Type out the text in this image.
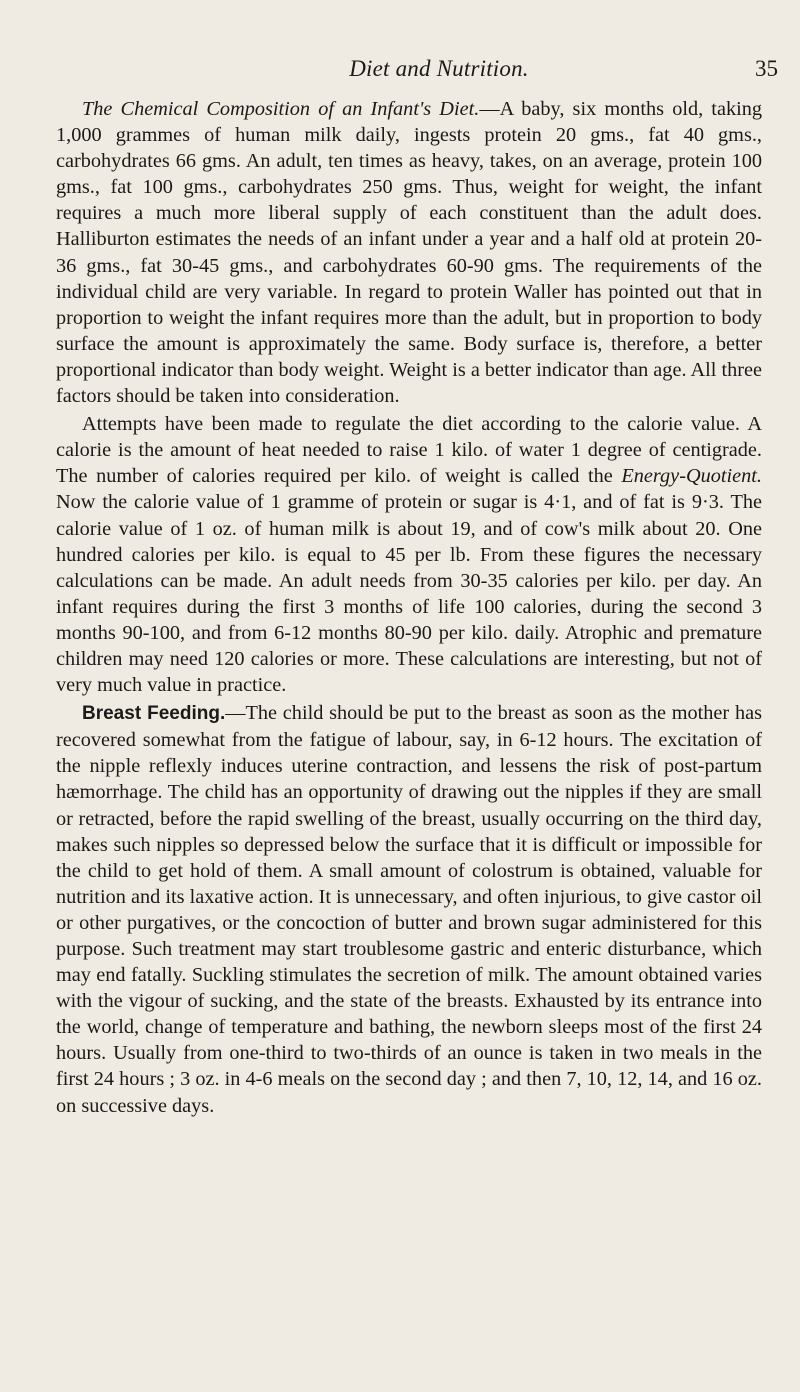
Diet and Nutrition.	35

The Chemical Composition of an Infant's Diet.—A baby, six months old, taking 1,000 grammes of human milk daily, ingests protein 20 gms., fat 40 gms., carbohydrates 66 gms. An adult, ten times as heavy, takes, on an average, protein 100 gms., fat 100 gms., carbohydrates 250 gms. Thus, weight for weight, the infant requires a much more liberal supply of each constituent than the adult does. Halliburton estimates the needs of an infant under a year and a half old at protein 20-36 gms., fat 30-45 gms., and carbohydrates 60-90 gms. The requirements of the individual child are very variable. In regard to protein Waller has pointed out that in proportion to weight the infant requires more than the adult, but in proportion to body surface the amount is approximately the same. Body surface is, therefore, a better proportional indicator than body weight. Weight is a better indicator than age. All three factors should be taken into consideration.

Attempts have been made to regulate the diet according to the calorie value. A calorie is the amount of heat needed to raise 1 kilo. of water 1 degree of centigrade. The number of calories required per kilo. of weight is called the Energy-Quotient. Now the calorie value of 1 gramme of protein or sugar is 4·1, and of fat is 9·3. The calorie value of 1 oz. of human milk is about 19, and of cow's milk about 20. One hundred calories per kilo. is equal to 45 per lb. From these figures the necessary calculations can be made. An adult needs from 30-35 calories per kilo. per day. An infant requires during the first 3 months of life 100 calories, during the second 3 months 90-100, and from 6-12 months 80-90 per kilo. daily. Atrophic and premature children may need 120 calories or more. These calculations are interesting, but not of very much value in practice.

Breast Feeding.—The child should be put to the breast as soon as the mother has recovered somewhat from the fatigue of labour, say, in 6-12 hours. The excitation of the nipple reflexly induces uterine contraction, and lessens the risk of post-partum hæmorrhage. The child has an opportunity of drawing out the nipples if they are small or retracted, before the rapid swelling of the breast, usually occurring on the third day, makes such nipples so depressed below the surface that it is difficult or impossible for the child to get hold of them. A small amount of colostrum is obtained, valuable for nutrition and its laxative action. It is unnecessary, and often injurious, to give castor oil or other purgatives, or the concoction of butter and brown sugar administered for this purpose. Such treatment may start troublesome gastric and enteric disturbance, which may end fatally. Suckling stimulates the secretion of milk. The amount obtained varies with the vigour of sucking, and the state of the breasts. Exhausted by its entrance into the world, change of temperature and bathing, the newborn sleeps most of the first 24 hours. Usually from one-third to two-thirds of an ounce is taken in two meals in the first 24 hours ; 3 oz. in 4-6 meals on the second day ; and then 7, 10, 12, 14, and 16 oz. on successive days.
